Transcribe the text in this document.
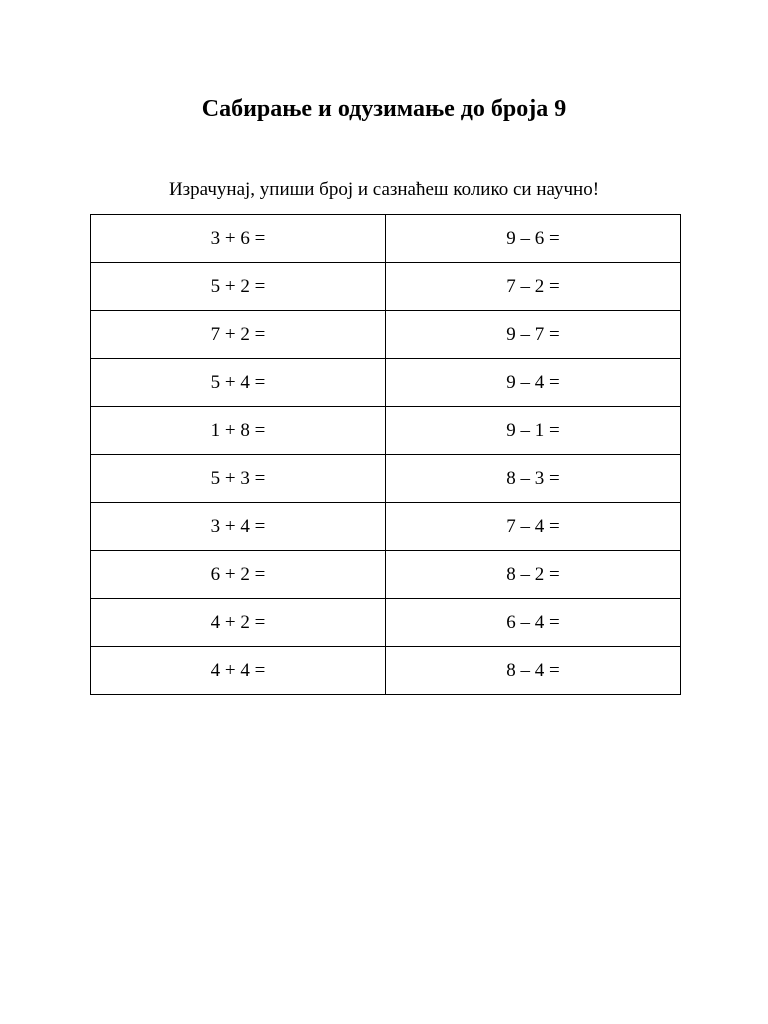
Сабирање и одузимање до броја 9

Израчунај, упиши број и сазнаћеш колико си научно!

3 + 6 =	9 – 6 =
5 + 2 =	7 – 2 =
7 + 2 =	9 – 7 =
5 + 4 =	9 – 4 =
1 + 8 =	9 – 1 =
5 + 3 =	8 – 3 =
3 + 4 =	7 – 4 =
6 + 2 =	8 – 2 =
4 + 2 =	6 – 4 =
4 + 4 =	8 – 4 =
